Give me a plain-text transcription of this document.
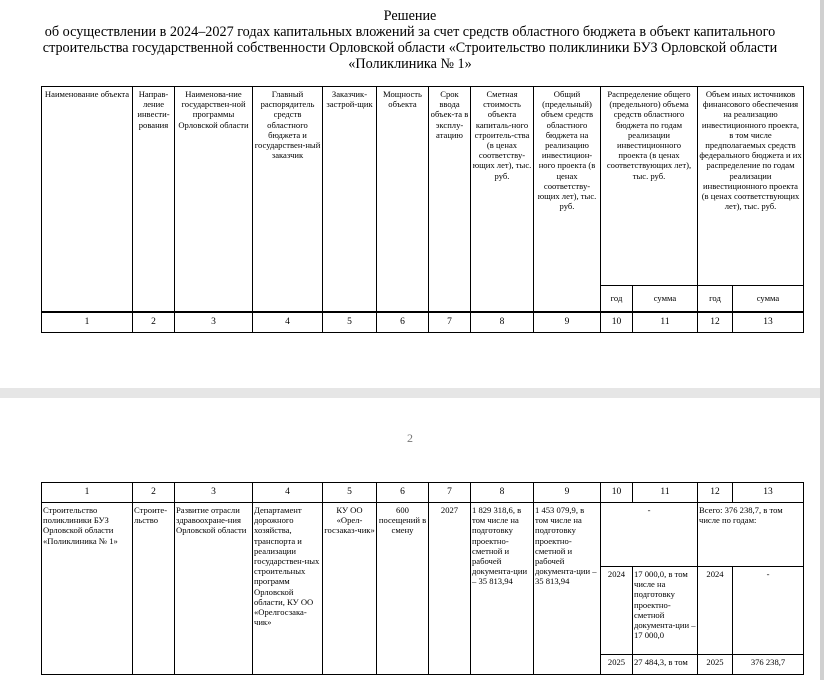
Решение
об осуществлении в 2024–2027 годах капитальных вложений за счет средств областного бюджета в объект капитального
строительства государственной собственности Орловской области «Строительство поликлиники БУЗ Орловской области
«Поликлиника № 1»
Наименование объекта	Направ-ление инвести-рования	Наименова-ние государствен-ной программы Орловской области	Главный распорядитель средств областного бюджета и государствен-ный заказчик	Заказчик-застрой-щик	Мощность объекта	Срок ввода объек-та в эксплу-атацию	Сметная стоимость объекта капиталь-ного строитель-ства (в ценах соответству-ющих лет), тыс. руб.	Общий (предельный) объем средств областного бюджета на реализацию инвестицион-ного проекта (в ценах соответству-ющих лет), тыс. руб.	Распределение общего (предельного) объема средств областного бюджета по годам реализации инвестиционного проекта (в ценах соответствующих лет), тыс. руб.		Объем иных источников финансового обеспечения на реализацию инвестиционного проекта, в том числе предполагаемых средств федерального бюджета и их распределение по годам реализации инвестиционного проекта (в ценах соответствующих лет), тыс. руб.	
									год	сумма	год	сумма
1	2	3	4	5	6	7	8	9	10	11	12	13
2
1	2	3	4	5	6	7	8	9	10	11	12	13
Строительство поликлиники БУЗ Орловской области «Поликлиника № 1»	Строите-льство	Развитие отрасли здравоохране-ния Орловской области	Департамент дорожного хозяйства, транспорта и реализации государствен-ных строительных программ Орловской области, КУ ОО «Орелгосзака-чик»	КУ ОО «Орел-госзаказ-чик»	600 посещений в смену	2027	1 829 318,6, в том числе на подготовку проектно-сметной и рабочей документа-ции – 35 813,94	1 453 079,9, в том числе на подготовку проектно-сметной и рабочей документа-ции – 35 813,94	-		Всего: 376 238,7, в том числе по годам:	
									2024	17 000,0, в том числе на подготовку проектно-сметной документа-ции – 17 000,0	2024	-
									2025	27 484,3, в том	2025	376 238,7
